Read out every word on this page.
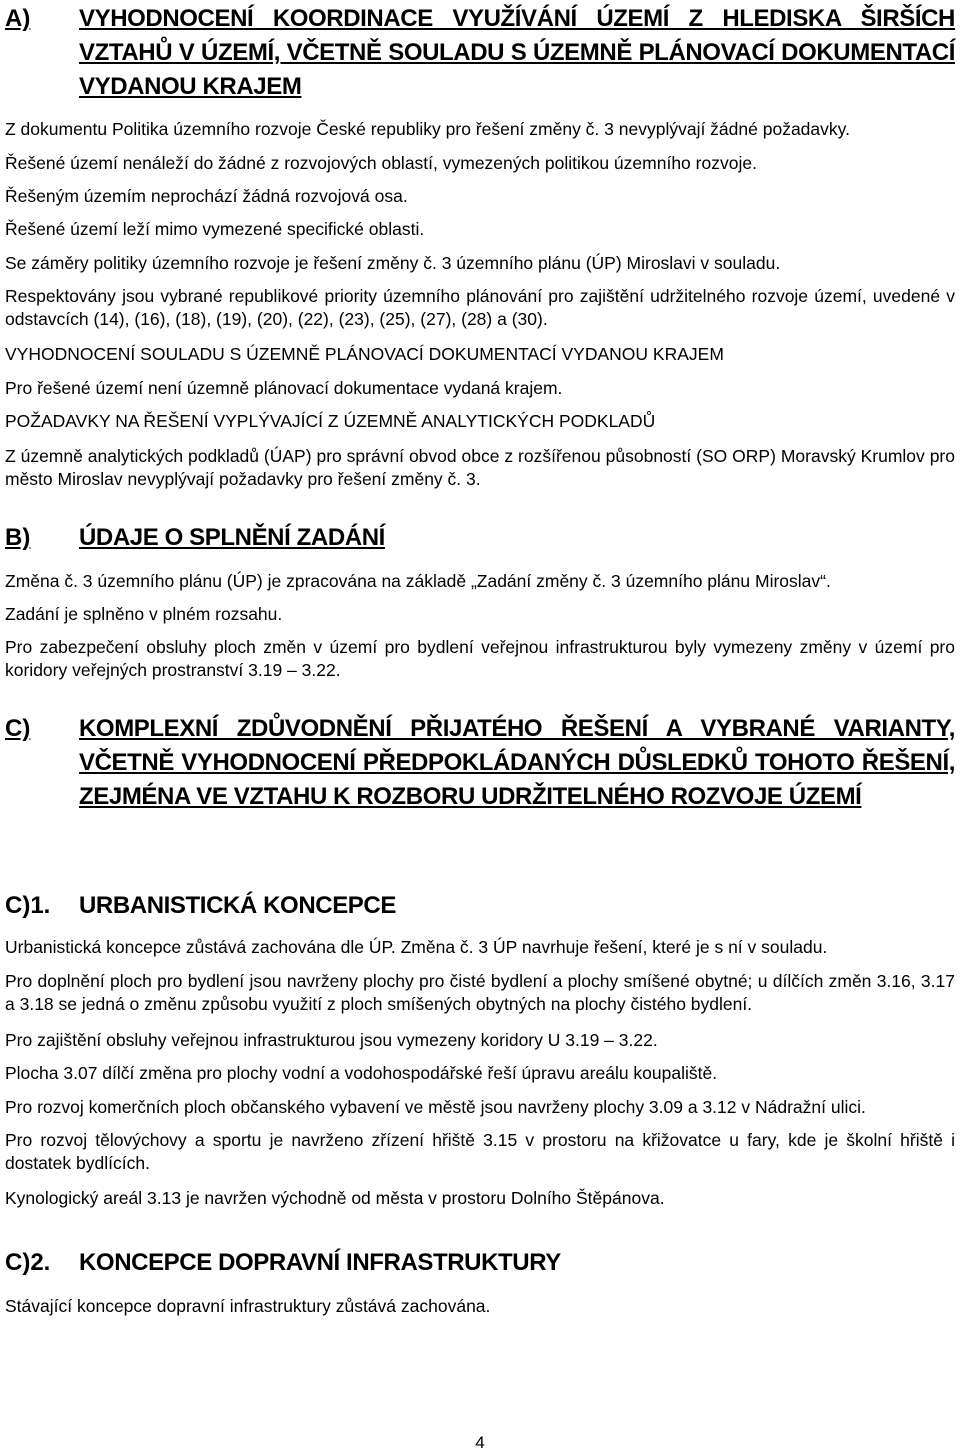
A)	VYHODNOCENÍ KOORDINACE VYUŽÍVÁNÍ ÚZEMÍ Z HLEDISKA ŠIRŠÍCH VZTAHŮ V ÚZEMÍ, VČETNĚ SOULADU S ÚZEMNĚ PLÁNOVACÍ DOKUMENTACÍ VYDANOU KRAJEM

Z dokumentu Politika územního rozvoje České republiky pro řešení změny č. 3 nevyplývají žádné požadavky.

Řešené území nenáleží do žádné z rozvojových oblastí, vymezených politikou územního rozvoje.

Řešeným územím neprochází žádná rozvojová osa.

Řešené území leží mimo vymezené specifické oblasti.

Se záměry politiky územního rozvoje je řešení změny č. 3 územního plánu (ÚP) Miroslavi v souladu.

Respektovány jsou vybrané republikové priority územního plánování pro zajištění udržitelného rozvoje území, uvedené v odstavcích (14), (16), (18), (19), (20), (22), (23), (25), (27), (28) a (30).

VYHODNOCENÍ SOULADU S ÚZEMNĚ PLÁNOVACÍ DOKUMENTACÍ VYDANOU KRAJEM

Pro řešené území není územně plánovací dokumentace vydaná krajem.

POŽADAVKY NA ŘEŠENÍ VYPLÝVAJÍCÍ Z ÚZEMNĚ ANALYTICKÝCH PODKLADŮ

Z územně analytických podkladů (ÚAP) pro správní obvod obce z rozšířenou působností (SO ORP) Moravský Krumlov pro město Miroslav nevyplývají požadavky pro řešení změny č. 3.

B)	ÚDAJE O SPLNĚNÍ ZADÁNÍ

Změna č. 3 územního plánu (ÚP) je zpracována na základě „Zadání změny č. 3 územního plánu Miroslav“.

Zadání je splněno v plném rozsahu.

Pro zabezpečení obsluhy ploch změn v území pro bydlení veřejnou infrastrukturou byly vymezeny změny v území pro koridory veřejných prostranství 3.19 – 3.22.

C)	KOMPLEXNÍ ZDŮVODNĚNÍ PŘIJATÉHO ŘEŠENÍ A VYBRANÉ VARIANTY, VČETNĚ VYHODNOCENÍ PŘEDPOKLÁDANÝCH DŮSLEDKŮ TOHOTO ŘEŠENÍ, ZEJMÉNA VE VZTAHU K ROZBORU UDRŽITELNÉHO ROZVOJE ÚZEMÍ
C)1.	URBANISTICKÁ KONCEPCE

Urbanistická koncepce zůstává zachována dle ÚP. Změna č. 3 ÚP navrhuje řešení, které je s ní v souladu.

Pro doplnění ploch pro bydlení jsou navrženy plochy pro čisté bydlení a plochy smíšené obytné; u dílčích změn 3.16, 3.17 a 3.18 se jedná o změnu způsobu využití z ploch smíšených obytných na plochy čistého bydlení.

Pro zajištění obsluhy veřejnou infrastrukturou jsou vymezeny koridory U 3.19 – 3.22.

Plocha 3.07 dílčí změna pro plochy vodní a vodohospodářské řeší úpravu areálu koupaliště.

Pro rozvoj komerčních ploch občanského vybavení ve městě jsou navrženy plochy 3.09 a 3.12 v Nádražní ulici.

Pro rozvoj tělovýchovy a sportu je navrženo zřízení hřiště 3.15 v prostoru na křižovatce u fary, kde je školní hřiště i dostatek bydlících.

Kynologický areál 3.13 je navržen východně od města v prostoru Dolního Štěpánova.

C)2.	KONCEPCE DOPRAVNÍ INFRASTRUKTURY

Stávající koncepce dopravní infrastruktury zůstává zachována.

4
